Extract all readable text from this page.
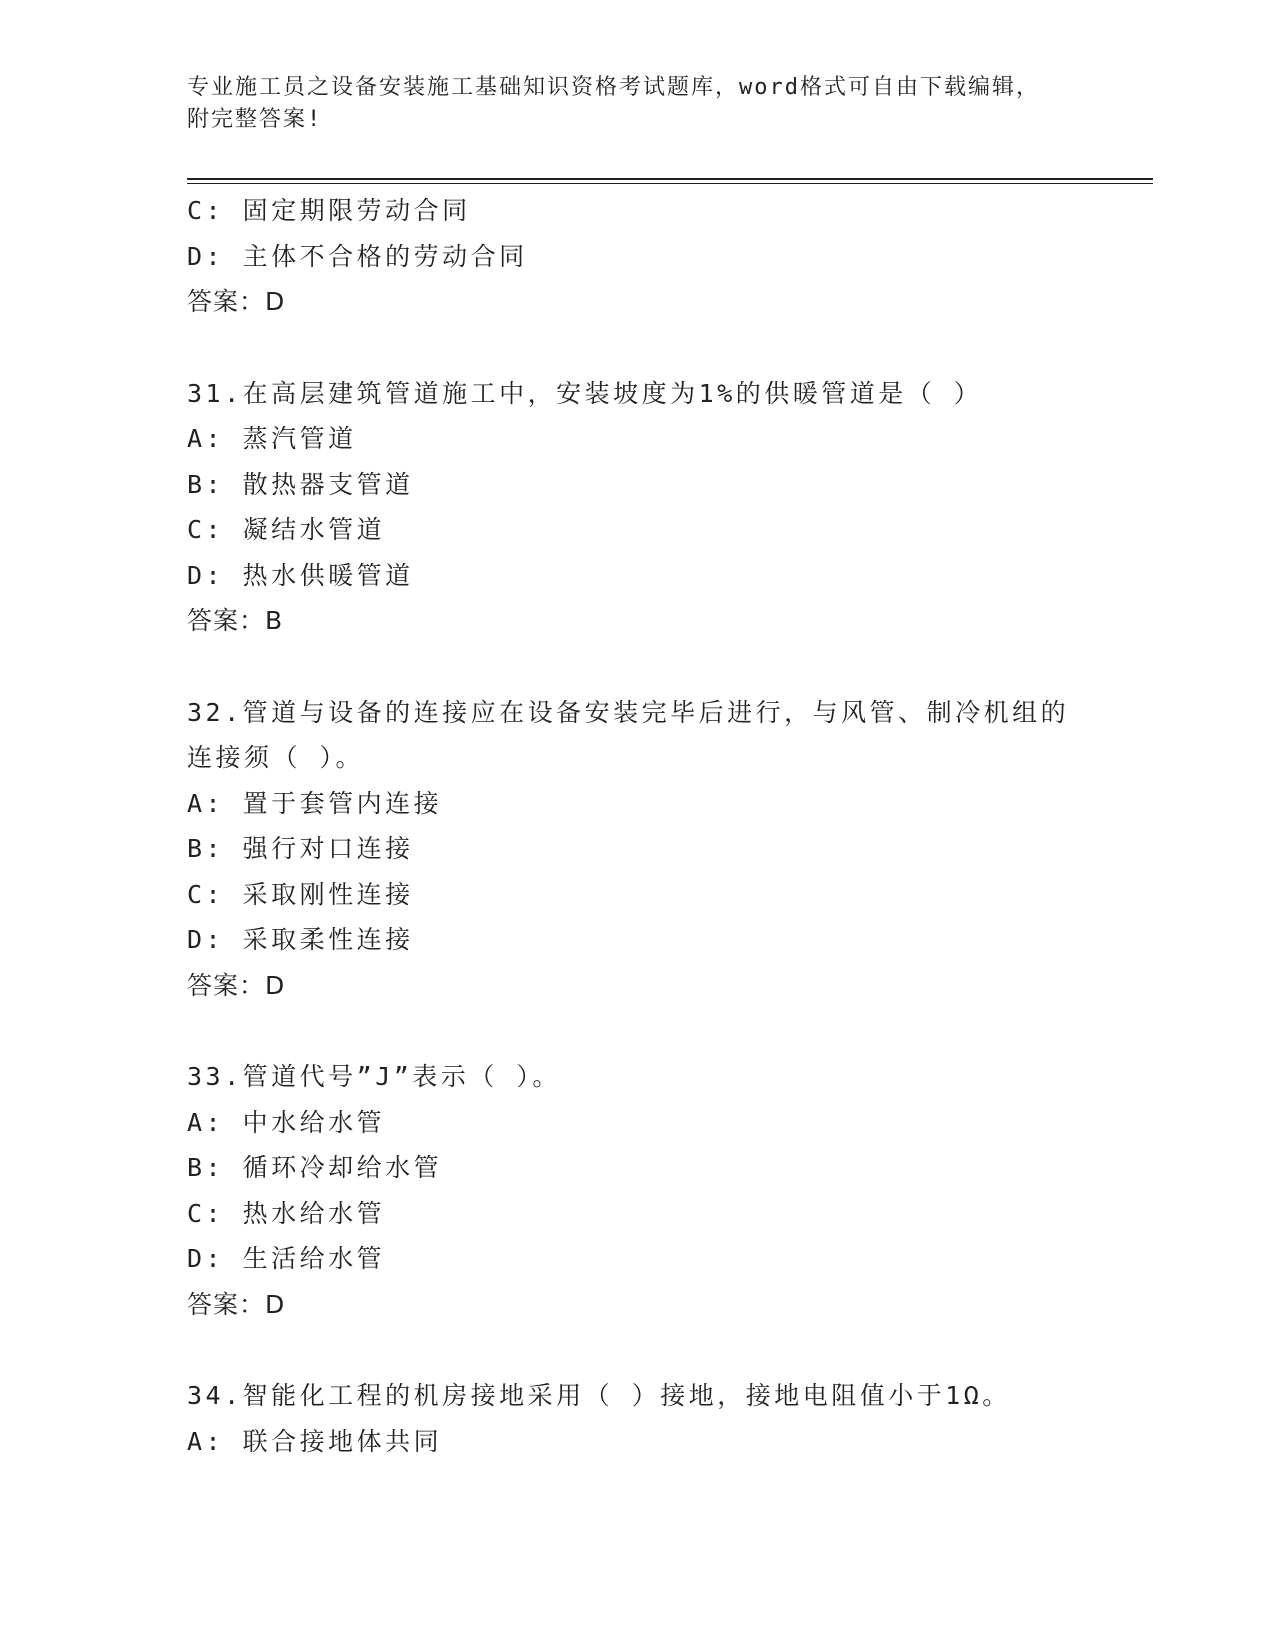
专业施工员之设备安装施工基础知识资格考试题库，word格式可自由下载编辑，
附完整答案!
C: 固定期限劳动合同
D: 主体不合格的劳动合同
答案：D
31.在高层建筑管道施工中，安装坡度为1%的供暖管道是（ ）
A: 蒸汽管道
B: 散热器支管道
C: 凝结水管道
D: 热水供暖管道
答案：B
32.管道与设备的连接应在设备安装完毕后进行，与风管、制冷机组的
连接须（ ）。
A: 置于套管内连接
B: 强行对口连接
C: 采取刚性连接
D: 采取柔性连接
答案：D
33.管道代号”J”表示（ ）。
A: 中水给水管
B: 循环冷却给水管
C: 热水给水管
D: 生活给水管
答案：D
34.智能化工程的机房接地采用（ ）接地，接地电阻值小于1Ω。
A: 联合接地体共同
